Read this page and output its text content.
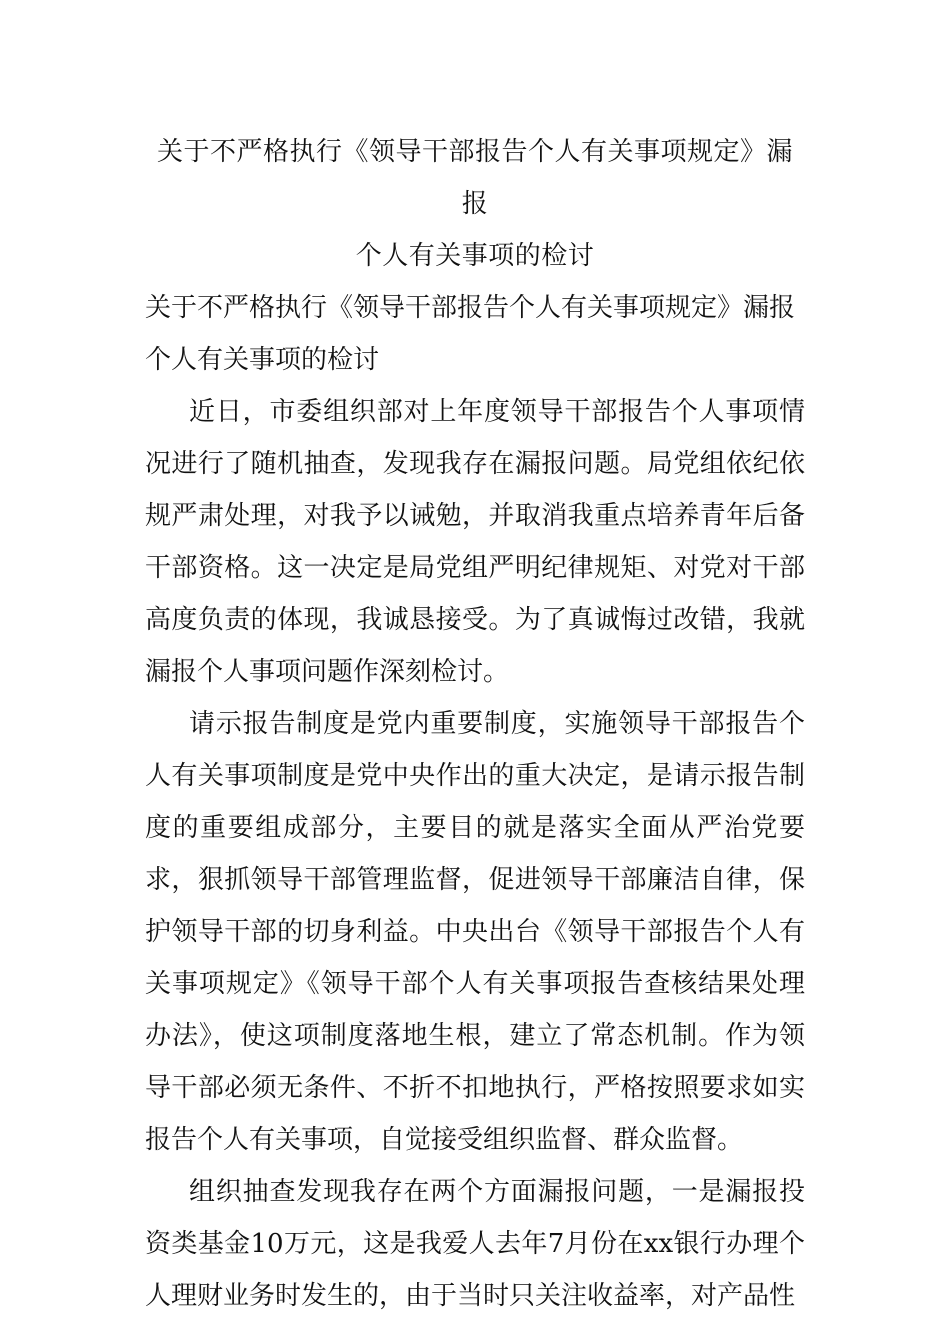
关于不严格执行《领导干部报告个人有关事项规定》漏报
个人有关事项的检讨
关于不严格执行《领导干部报告个人有关事项规定》漏报
个人有关事项的检讨

近日，市委组织部对上年度领导干部报告个人事项情况进行了随机抽查，发现我存在漏报问题。局党组依纪依规严肃处理，对我予以诫勉，并取消我重点培养青年后备干部资格。这一决定是局党组严明纪律规矩、对党对干部高度负责的体现，我诚恳接受。为了真诚悔过改错，我就漏报个人事项问题作深刻检讨。

请示报告制度是党内重要制度，实施领导干部报告个人有关事项制度是党中央作出的重大决定，是请示报告制度的重要组成部分，主要目的就是落实全面从严治党要求，狠抓领导干部管理监督，促进领导干部廉洁自律，保护领导干部的切身利益。中央出台《领导干部报告个人有关事项规定》《领导干部个人有关事项报告查核结果处理办法》，使这项制度落地生根，建立了常态机制。作为领导干部必须无条件、不折不扣地执行，严格按照要求如实报告个人有关事项，自觉接受组织监督、群众监督。

组织抽查发现我存在两个方面漏报问题，一是漏报投资类基金10万元，这是我爱人去年7月份在xx银行办理个人理财业务时发生的，由于当时只关注收益率，对产品性
